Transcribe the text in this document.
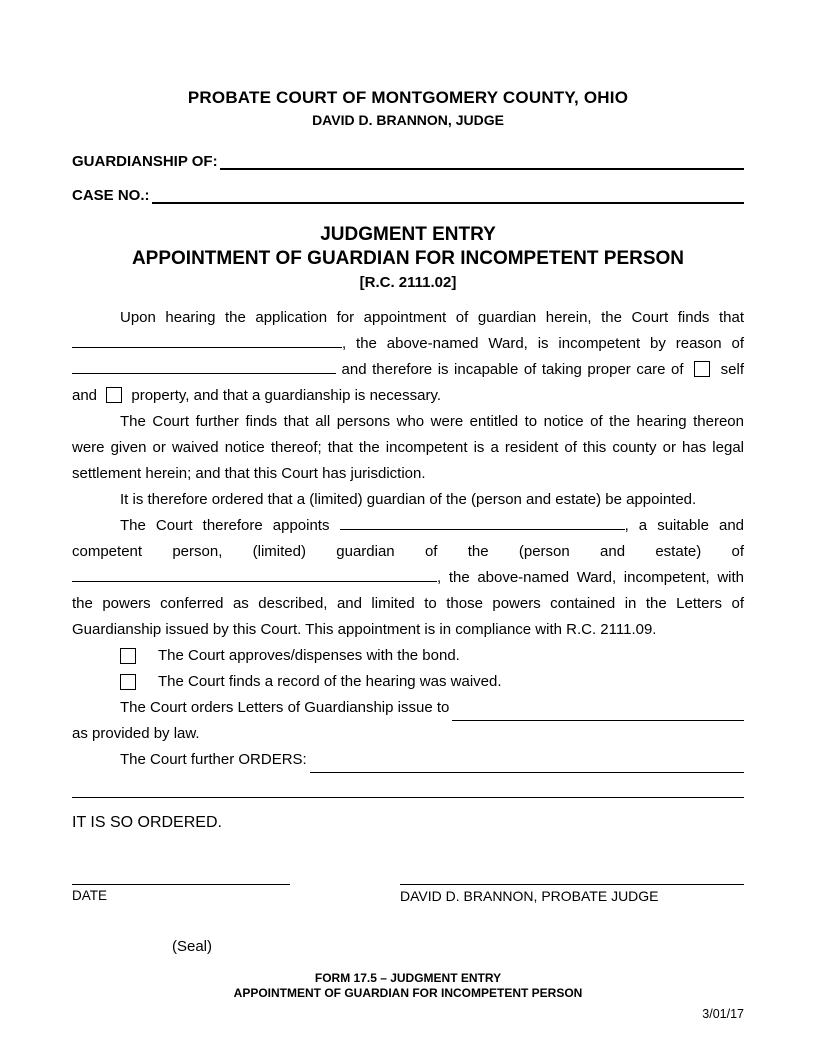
PROBATE COURT OF MONTGOMERY COUNTY, OHIO
DAVID D. BRANNON, JUDGE
GUARDIANSHIP OF:
CASE NO.:
JUDGMENT ENTRY
APPOINTMENT OF GUARDIAN FOR INCOMPETENT PERSON
[R.C. 2111.02]

Upon hearing the application for appointment of guardian herein, the Court finds that , the above-named Ward, is incompetent by reason of  and therefore is incapable of taking proper care of self and property, and that a guardianship is necessary.

The Court further finds that all persons who were entitled to notice of the hearing thereon were given or waived notice thereof; that the incompetent is a resident of this county or has legal settlement herein; and that this Court has jurisdiction.

It is therefore ordered that a (limited) guardian of the (person and estate) be appointed.

The Court therefore appoints	, a suitable and competent person, (limited) guardian of the (person and estate) of , the above-named Ward, incompetent, with the powers conferred as described, and limited to those powers contained in the Letters of Guardianship issued by this Court. This appointment is in compliance with R.C. 2111.09.

The Court approves/dispenses with the bond.
The Court finds a record of the hearing was waived.
The Court orders Letters of Guardianship issue to
as provided by law.
The Court further ORDERS:
IT IS SO ORDERED.
DATE	DAVID D. BRANNON, PROBATE JUDGE
(Seal)
FORM 17.5 – JUDGMENT ENTRY
APPOINTMENT OF GUARDIAN FOR INCOMPETENT PERSON
3/01/17
